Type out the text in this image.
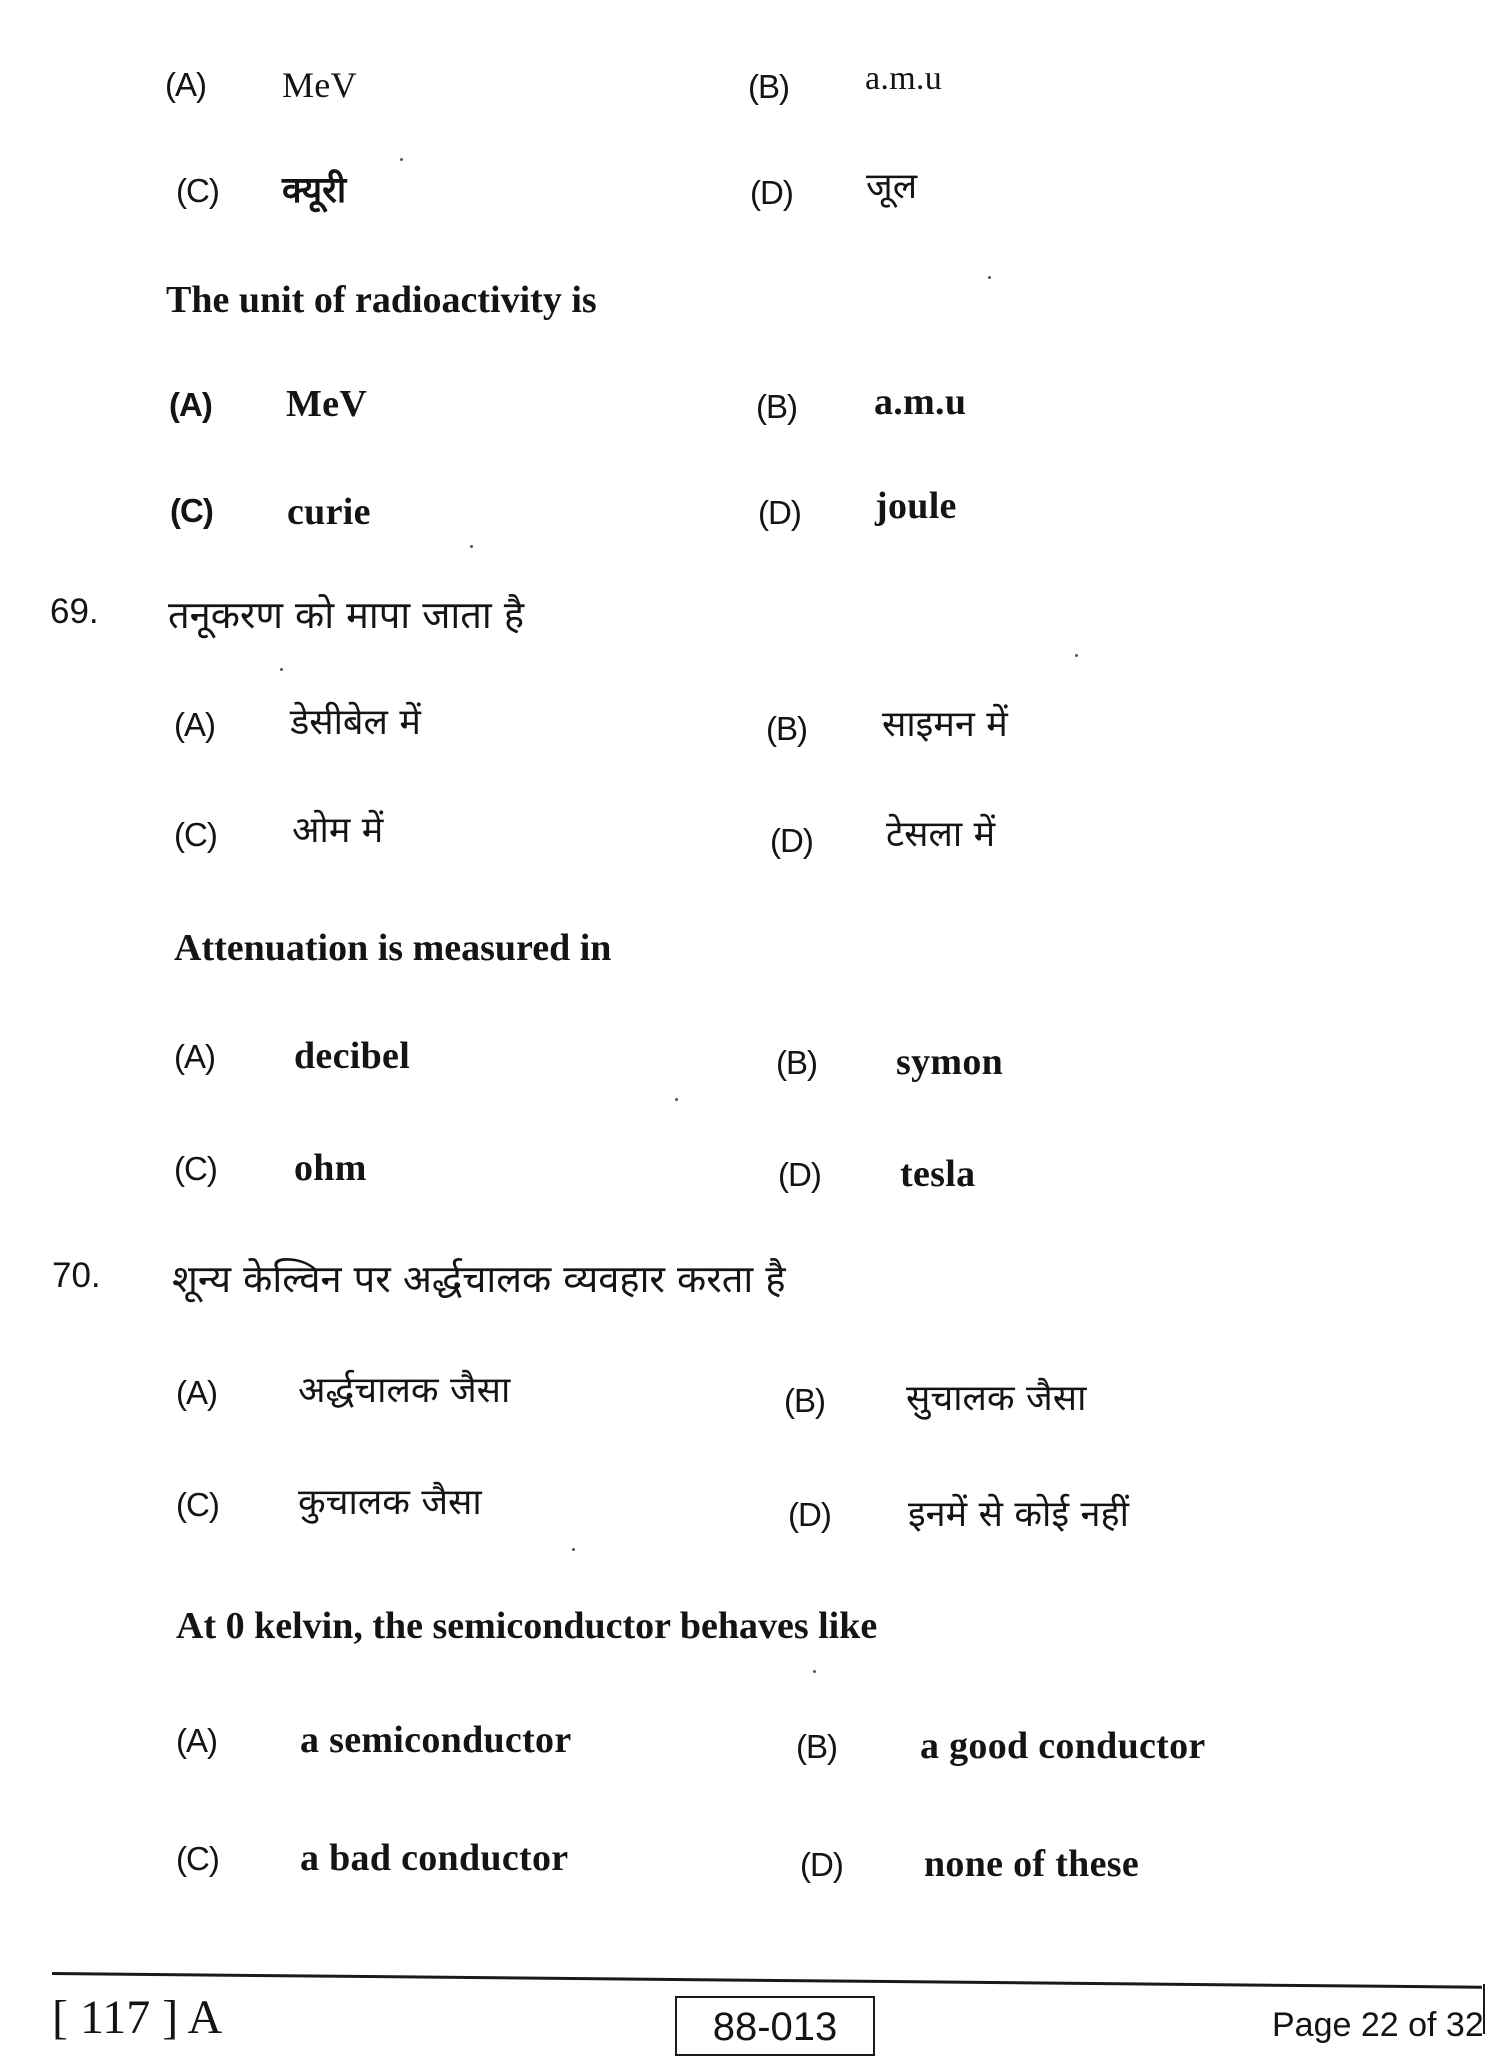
(A) MeV	(B) a.m.u
(C) क्यूरी	(D) जूल
The unit of radioactivity is
(A) MeV	(B) a.m.u
(C) curie	(D) joule
69. तनूकरण को मापा जाता है
(A) डेसीबेल में	(B) साइमन में
(C) ओम में	(D) टेसला में
Attenuation is measured in
(A) decibel	(B) symon
(C) ohm	(D) tesla
70. शून्य केल्विन पर अर्द्धचालक व्यवहार करता है
(A) अर्द्धचालक जैसा	(B) सुचालक जैसा
(C) कुचालक जैसा	(D) इनमें से कोई नहीं
At 0 kelvin, the semiconductor behaves like
(A) a semiconductor	(B) a good conductor
(C) a bad conductor	(D) none of these
[ 117 ] A	88-013	Page 22 of 32
